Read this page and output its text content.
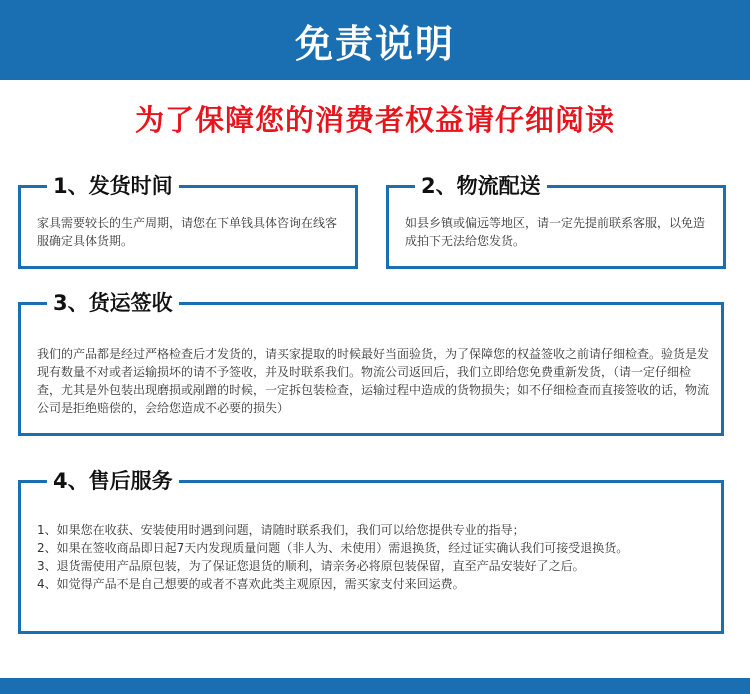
免责说明
为了保障您的消费者权益请仔细阅读
1、发货时间
家具需要较长的生产周期，请您在下单钱具体咨询在线客服确定具体货期。
2、物流配送
如县乡镇或偏远等地区，请一定先提前联系客服，以免造成拍下无法给您发货。
3、货运签收
我们的产品都是经过严格检查后才发货的，请买家提取的时候最好当面验货，为了保障您的权益签收之前请仔细检查。验货是发现有数量不对或者运输损坏的请不予签收，并及时联系我们。物流公司返回后，我们立即给您免费重新发货，（请一定仔细检查，尤其是外包装出现磨损或剐蹭的时候，一定拆包装检查，运输过程中造成的货物损失；如不仔细检查而直接签收的话，物流公司是拒绝赔偿的，会给您造成不必要的损失）
4、售后服务

1、如果您在收获、安装使用时遇到问题，请随时联系我们，我们可以给您提供专业的指导；

2、如果在签收商品即日起7天内发现质量问题（非人为、未使用）需退换货，经过证实确认我们可接受退换货。

3、退货需使用产品原包装，为了保证您退货的顺利，请亲务必将原包装保留，直至产品安装好了之后。

4、如觉得产品不是自己想要的或者不喜欢此类主观原因，需买家支付来回运费。
